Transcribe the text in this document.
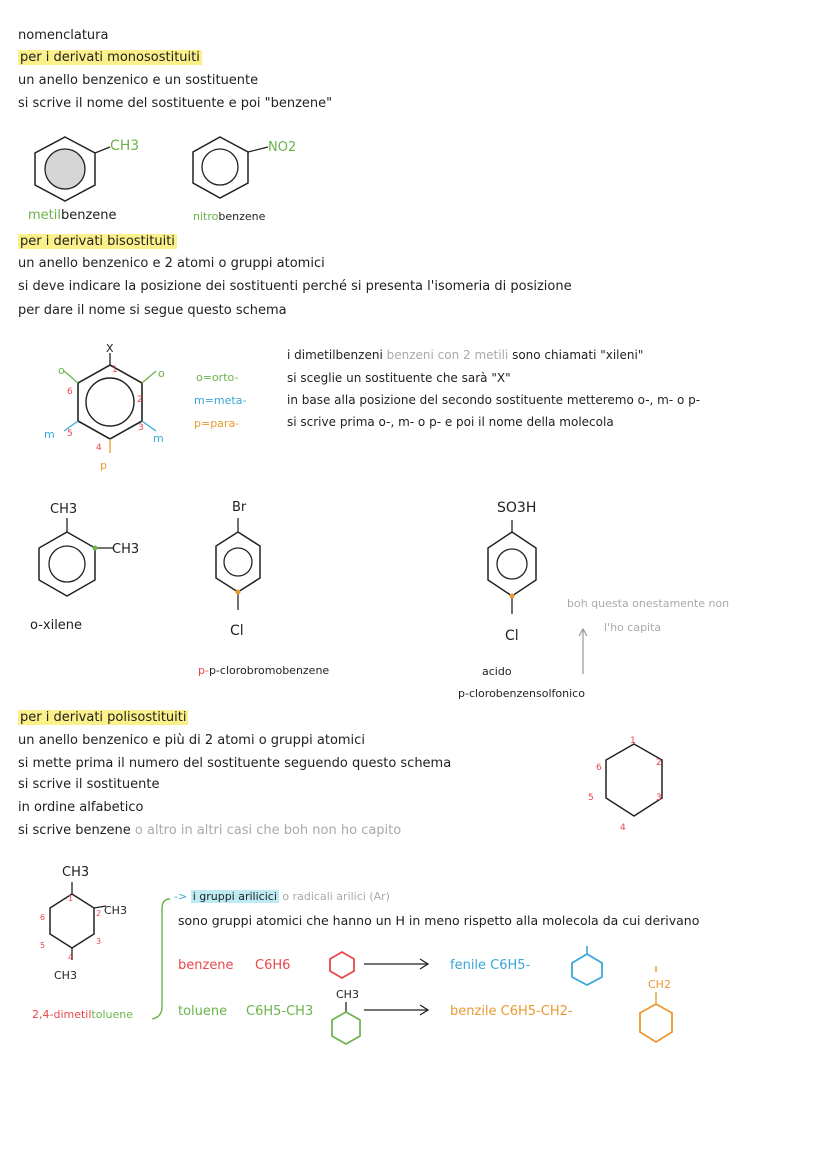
nomenclatura
per i derivati monosostituiti
un anello benzenico e un sostituente
si scrive il nome del sostituente e poi "benzene"
CH3	NO2
metilbenzene	nitrobenzene
per i derivati bisostituiti
un anello benzenico e 2 atomi o gruppi atomici
si deve indicare la posizione dei sostituenti perché si presenta l'isomeria di posizione
per dare il nome si segue questo schema
X
o	o
1
2
3
4
5
6
m	m
p
o=orto-
m=meta-
p=para-
i dimetilbenzeni benzeni con 2 metili sono chiamati "xileni"
si sceglie un sostituente che sarà "X"
in base alla posizione del secondo sostituente metteremo o-, m- o p-
si scrive prima o-, m- o p- e poi il nome della molecola
CH3
CH3
o-xilene
Br
Cl
p-p-clorobromobenzene
SO3H
Cl
acido
p-clorobenzensolfonico
boh questa onestamente non
l'ho capita
per i derivati polisostituiti
un anello benzenico e più di 2 atomi o gruppi atomici
si mette prima il numero del sostituente seguendo questo schema
si scrive il sostituente
in ordine alfabetico
si scrive benzene o altro in altri casi che boh non ho capito
1
2
3
4
5
6
CH3
CH3
CH3
1
2
3
4
5
6
2,4-dimetiltoluene
-> i gruppi arilicici o radicali arilici (Ar)
sono gruppi atomici che hanno un H in meno rispetto alla molecola da cui derivano
benzene C6H6	fenile C6H5-
toluene C6H5-CH3
CH3
benzile C6H5-CH2-
CH2
